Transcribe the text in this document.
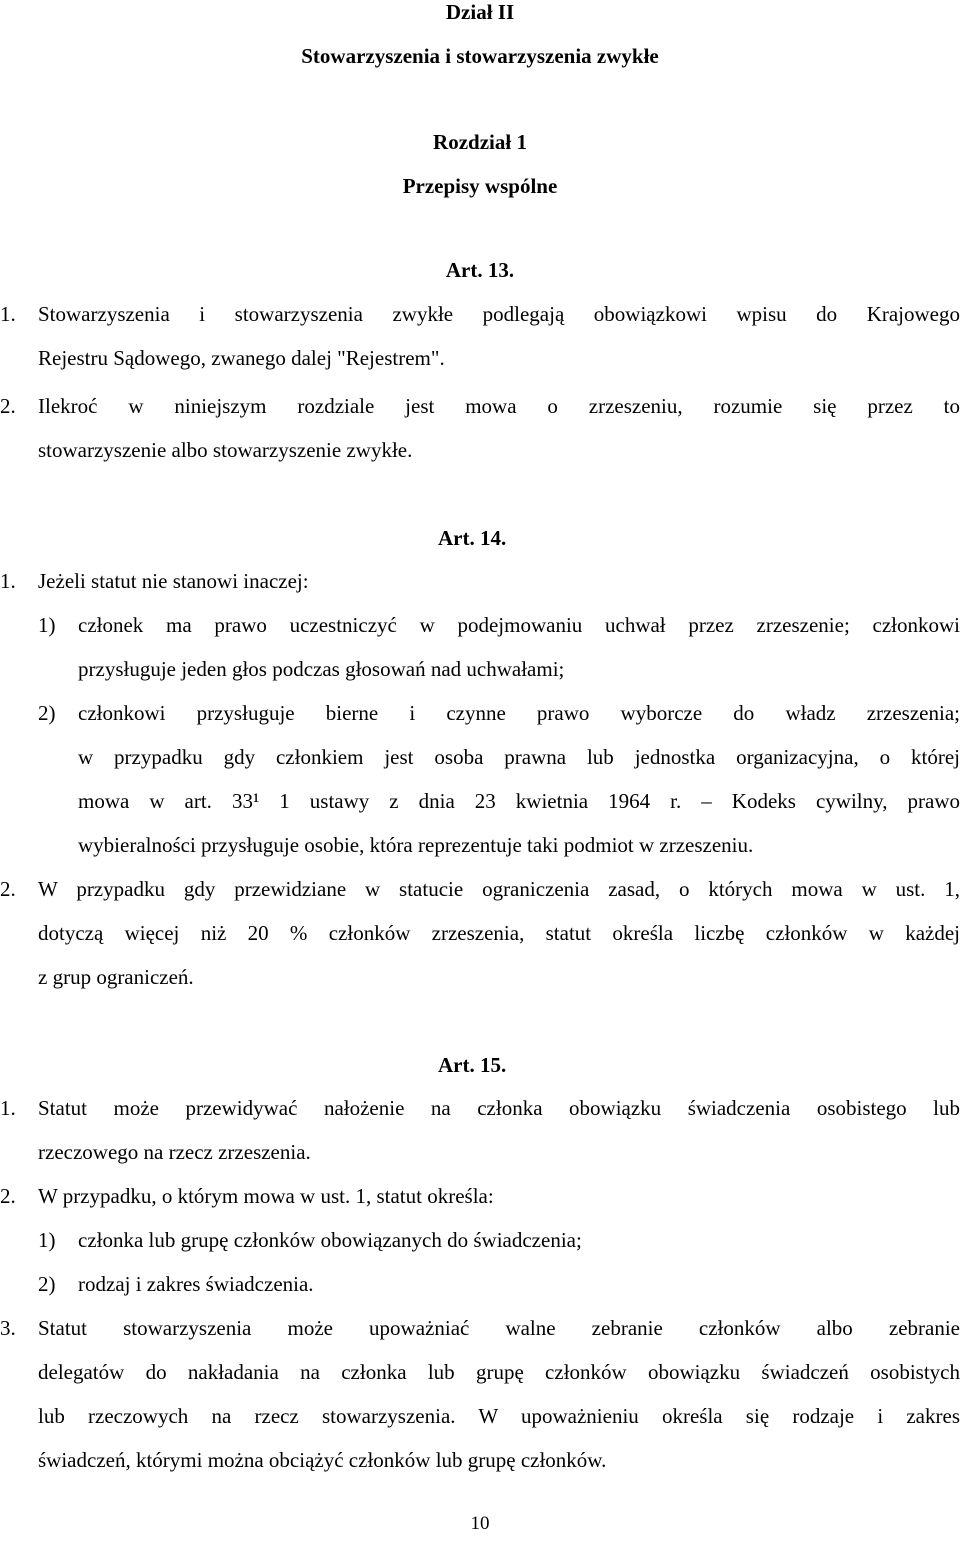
Dział II
Stowarzyszenia i stowarzyszenia zwykłe
Rozdział 1
Przepisy wspólne
Art. 13.
1. Stowarzyszenia i stowarzyszenia zwykłe podlegają obowiązkowi wpisu do Krajowego
Rejestru Sądowego, zwanego dalej "Rejestrem".
2. Ilekroć w niniejszym rozdziale jest mowa o zrzeszeniu, rozumie się przez to
stowarzyszenie albo stowarzyszenie zwykłe.
Art. 14.
1. Jeżeli statut nie stanowi inaczej:
1) członek ma prawo uczestniczyć w podejmowaniu uchwał przez zrzeszenie; członkowi
przysługuje jeden głos podczas głosowań nad uchwałami;
2) członkowi przysługuje bierne i czynne prawo wyborcze do władz zrzeszenia;
w przypadku gdy członkiem jest osoba prawna lub jednostka organizacyjna, o której
mowa w art. 33¹ 1 ustawy z dnia 23 kwietnia 1964 r. – Kodeks cywilny, prawo
wybieralności przysługuje osobie, która reprezentuje taki podmiot w zrzeszeniu.
2. W przypadku gdy przewidziane w statucie ograniczenia zasad, o których mowa w ust. 1,
dotyczą więcej niż 20 % członków zrzeszenia, statut określa liczbę członków w każdej
z grup ograniczeń.
Art. 15.
1. Statut może przewidywać nałożenie na członka obowiązku świadczenia osobistego lub
rzeczowego na rzecz zrzeszenia.
2. W przypadku, o którym mowa w ust. 1, statut określa:
1) członka lub grupę członków obowiązanych do świadczenia;
2) rodzaj i zakres świadczenia.
3. Statut stowarzyszenia może upoważniać walne zebranie członków albo zebranie
delegatów do nakładania na członka lub grupę członków obowiązku świadczeń osobistych
lub rzeczowych na rzecz stowarzyszenia. W upoważnieniu określa się rodzaje i zakres
świadczeń, którymi można obciążyć członków lub grupę członków.
10
